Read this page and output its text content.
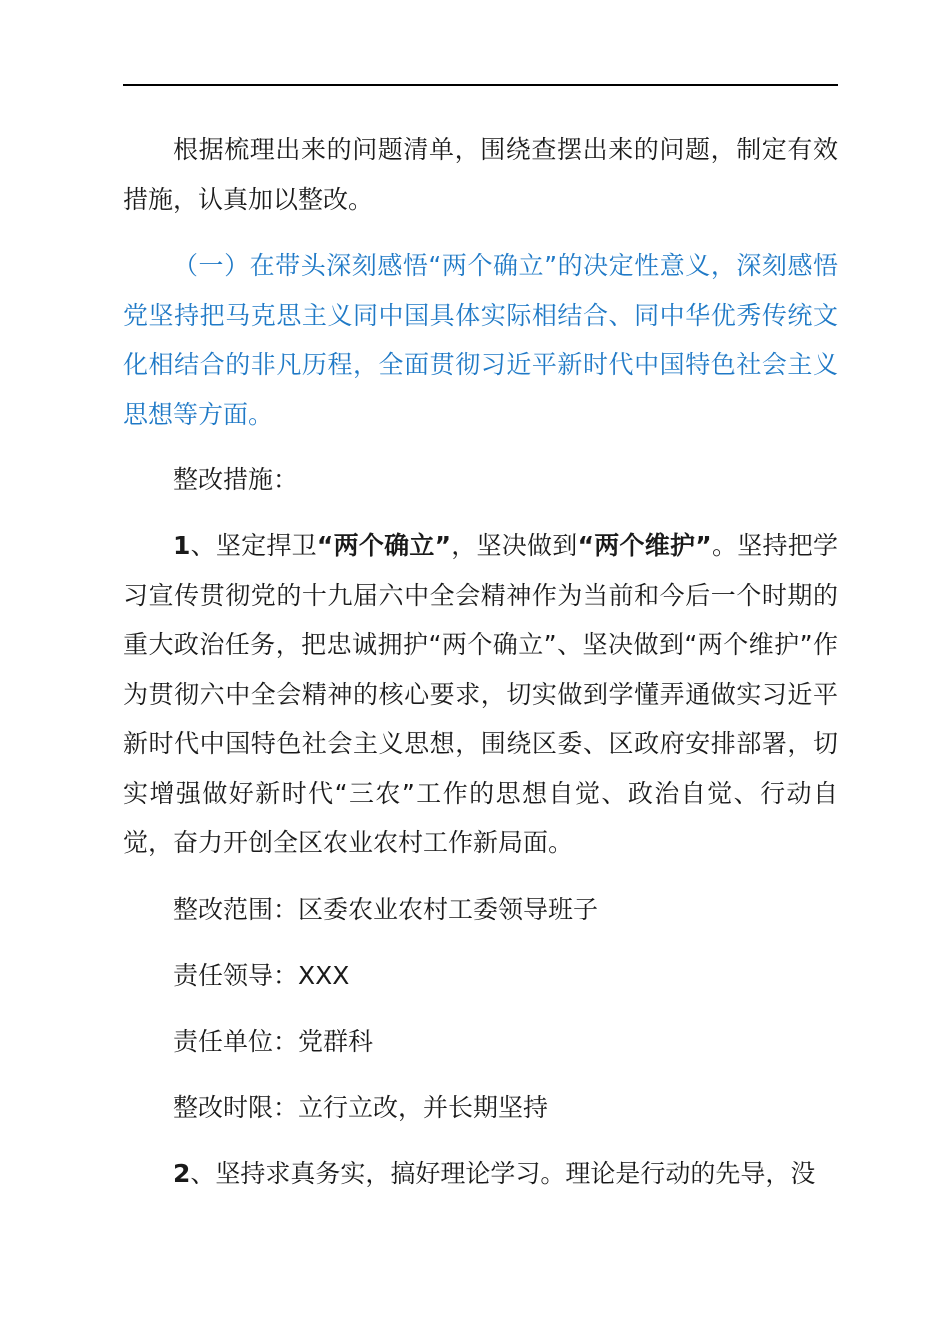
根据梳理出来的问题清单，围绕查摆出来的问题，制定有效措施，认真加以整改。

（一）在带头深刻感悟“两个确立”的决定性意义，深刻感悟党坚持把马克思主义同中国具体实际相结合、同中华优秀传统文化相结合的非凡历程，全面贯彻习近平新时代中国特色社会主义思想等方面。

整改措施：

1、坚定捍卫“两个确立”，坚决做到“两个维护”。坚持把学习宣传贯彻党的十九届六中全会精神作为当前和今后一个时期的重大政治任务，把忠诚拥护“两个确立”、坚决做到“两个维护”作为贯彻六中全会精神的核心要求，切实做到学懂弄通做实习近平新时代中国特色社会主义思想，围绕区委、区政府安排部署，切实增强做好新时代“三农”工作的思想自觉、政治自觉、行动自觉，奋力开创全区农业农村工作新局面。

整改范围：区委农业农村工委领导班子

责任领导：XXX

责任单位：党群科

整改时限：立行立改，并长期坚持

2、坚持求真务实，搞好理论学习。理论是行动的先导，没
